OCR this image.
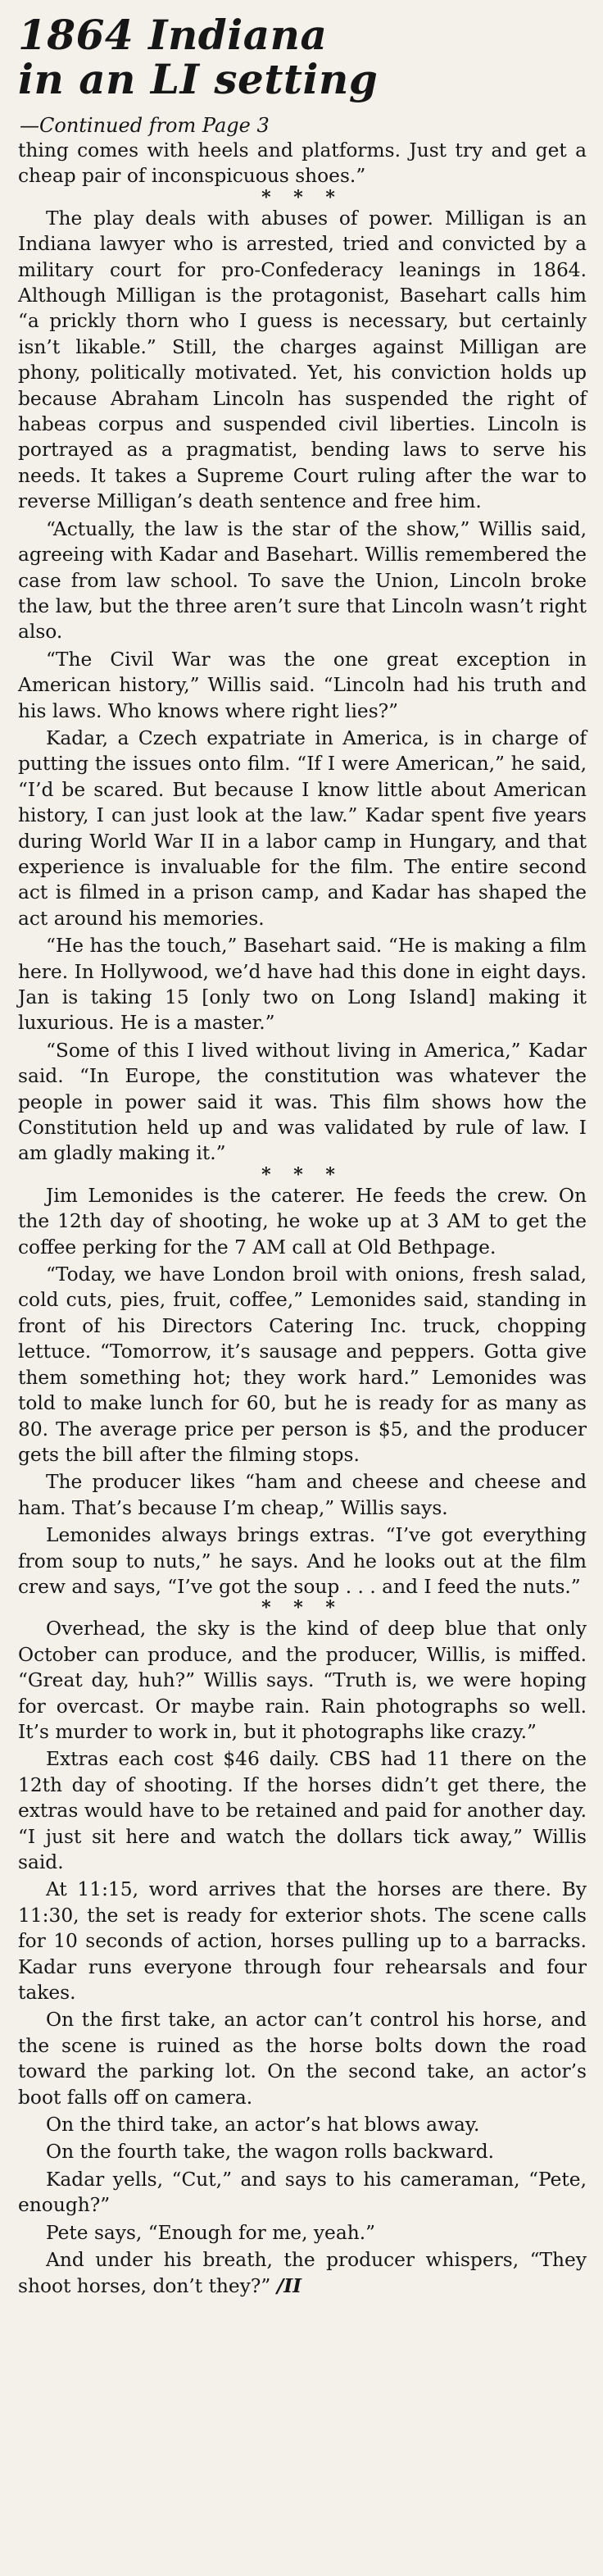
1864 Indiana
in an LI setting
—Continued from Page 3

thing comes with heels and platforms. Just try and get a cheap pair of inconspicuous shoes.”

* * *

The play deals with abuses of power. Milligan is an Indiana lawyer who is arrested, tried and convicted by a military court for pro-Confederacy leanings in 1864. Although Milligan is the protagonist, Basehart calls him “a prickly thorn who I guess is necessary, but certainly isn’t likable.” Still, the charges against Milligan are phony, politically motivated. Yet, his conviction holds up because Abraham Lincoln has suspended the right of habeas corpus and suspended civil liberties. Lincoln is portrayed as a pragmatist, bending laws to serve his needs. It takes a Supreme Court ruling after the war to reverse Milligan’s death sentence and free him.

“Actually, the law is the star of the show,” Willis said, agreeing with Kadar and Basehart. Willis remembered the case from law school. To save the Union, Lincoln broke the law, but the three aren’t sure that Lincoln wasn’t right also.

“The Civil War was the one great exception in American history,” Willis said. “Lincoln had his truth and his laws. Who knows where right lies?”

Kadar, a Czech expatriate in America, is in charge of putting the issues onto film. “If I were American,” he said, “I’d be scared. But because I know little about American history, I can just look at the law.” Kadar spent five years during World War II in a labor camp in Hungary, and that experience is invaluable for the film. The entire second act is filmed in a prison camp, and Kadar has shaped the act around his memories.

“He has the touch,” Basehart said. “He is making a film here. In Hollywood, we’d have had this done in eight days. Jan is taking 15 [only two on Long Island] making it luxurious. He is a master.”

“Some of this I lived without living in America,” Kadar said. “In Europe, the constitution was whatever the people in power said it was. This film shows how the Constitution held up and was validated by rule of law. I am gladly making it.”

* * *

Jim Lemonides is the caterer. He feeds the crew. On the 12th day of shooting, he woke up at 3 AM to get the coffee perking for the 7 AM call at Old Bethpage.

“Today, we have London broil with onions, fresh salad, cold cuts, pies, fruit, coffee,” Lemonides said, standing in front of his Directors Catering Inc. truck, chopping lettuce. “Tomorrow, it’s sausage and peppers. Gotta give them something hot; they work hard.” Lemonides was told to make lunch for 60, but he is ready for as many as 80. The average price per person is $5, and the producer gets the bill after the filming stops.

The producer likes “ham and cheese and cheese and ham. That’s because I’m cheap,” Willis says.

Lemonides always brings extras. “I’ve got everything from soup to nuts,” he says. And he looks out at the film crew and says, “I’ve got the soup . . . and I feed the nuts.”

* * *

Overhead, the sky is the kind of deep blue that only October can produce, and the producer, Willis, is miffed. “Great day, huh?” Willis says. “Truth is, we were hoping for overcast. Or maybe rain. Rain photographs so well. It’s murder to work in, but it photographs like crazy.”

Extras each cost $46 daily. CBS had 11 there on the 12th day of shooting. If the horses didn’t get there, the extras would have to be retained and paid for another day. “I just sit here and watch the dollars tick away,” Willis said.

At 11:15, word arrives that the horses are there. By 11:30, the set is ready for exterior shots. The scene calls for 10 seconds of action, horses pulling up to a barracks. Kadar runs everyone through four rehearsals and four takes.

On the first take, an actor can’t control his horse, and the scene is ruined as the horse bolts down the road toward the parking lot. On the second take, an actor’s boot falls off on camera.

On the third take, an actor’s hat blows away.

On the fourth take, the wagon rolls backward.

Kadar yells, “Cut,” and says to his cameraman, “Pete, enough?”

Pete says, “Enough for me, yeah.”

And under his breath, the producer whispers, “They shoot horses, don’t they?” /II
